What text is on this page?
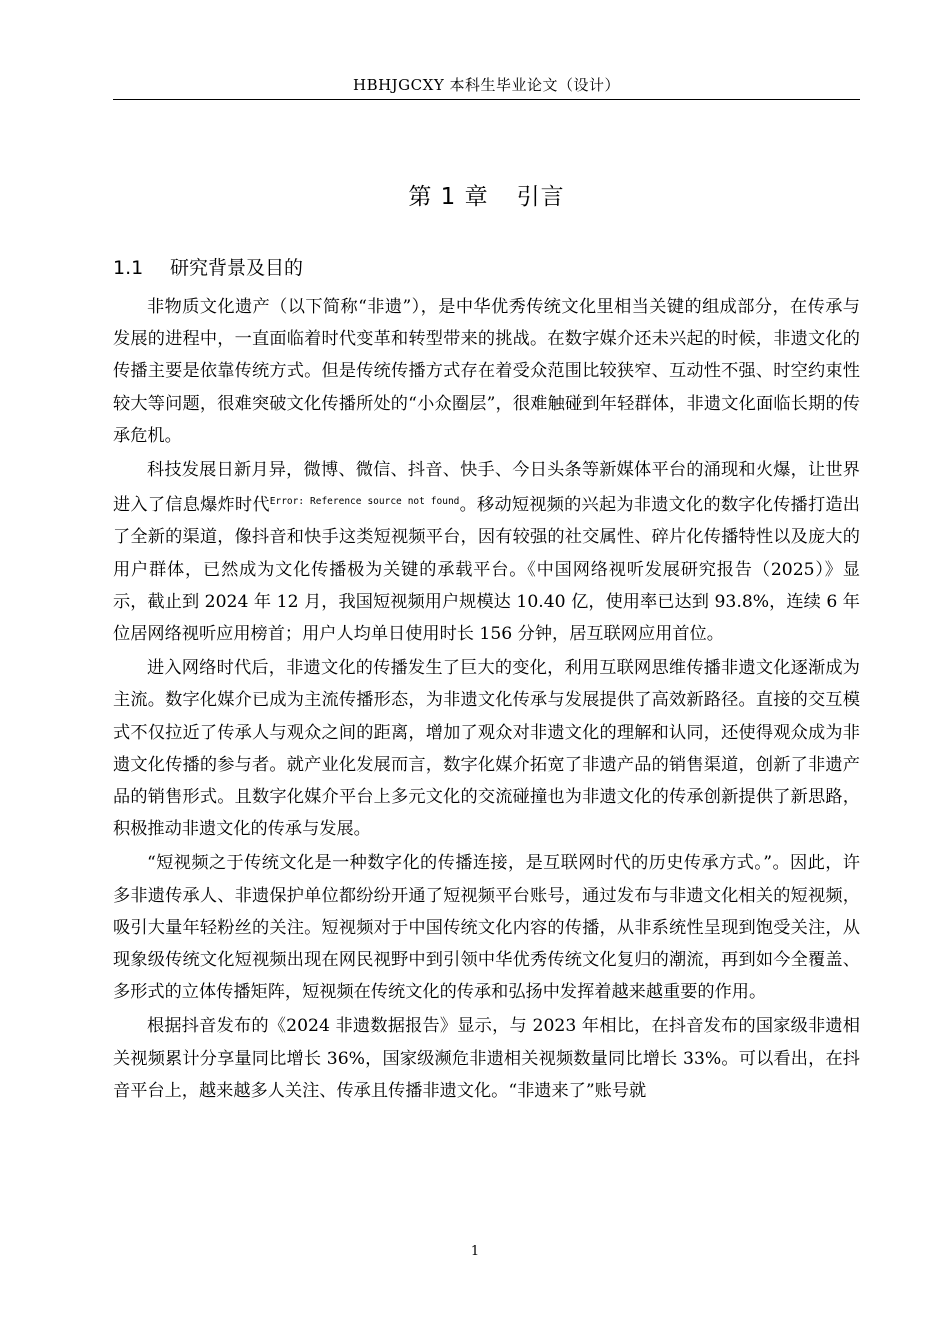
HBHJGCXY 本科生毕业论文（设计）
第 1 章 引言
1.1 研究背景及目的

非物质文化遗产（以下简称“非遗”），是中华优秀传统文化里相当关键的组成部分，在传承与发展的进程中，一直面临着时代变革和转型带来的挑战。在数字媒介还未兴起的时候，非遗文化的传播主要是依靠传统方式。但是传统传播方式存在着受众范围比较狭窄、互动性不强、时空约束性较大等问题，很难突破文化传播所处的“小众圈层”，很难触碰到年轻群体，非遗文化面临长期的传承危机。

科技发展日新月异，微博、微信、抖音、快手、今日头条等新媒体平台的涌现和火爆，让世界进入了信息爆炸时代$^{Error: Reference source not found}$。移动短视频的兴起为非遗文化的数字化传播打造出了全新的渠道，像抖音和快手这类短视频平台，因有较强的社交属性、碎片化传播特性以及庞大的用户群体，已然成为文化传播极为关键的承载平台。《中国网络视听发展研究报告（2025）》显示，截止到 2024 年 12 月，我国短视频用户规模达 10.40 亿，使用率已达到 93.8%，连续 6 年位居网络视听应用榜首；用户人均单日使用时长 156 分钟，居互联网应用首位。

进入网络时代后，非遗文化的传播发生了巨大的变化，利用互联网思维传播非遗文化逐渐成为主流。数字化媒介已成为主流传播形态，为非遗文化传承与发展提供了高效新路径。直接的交互模式不仅拉近了传承人与观众之间的距离，增加了观众对非遗文化的理解和认同，还使得观众成为非遗文化传播的参与者。就产业化发展而言，数字化媒介拓宽了非遗产品的销售渠道，创新了非遗产品的销售形式。且数字化媒介平台上多元文化的交流碰撞也为非遗文化的传承创新提供了新思路，积极推动非遗文化的传承与发展。

“短视频之于传统文化是一种数字化的传播连接，是互联网时代的历史传承方式。”。因此，许多非遗传承人、非遗保护单位都纷纷开通了短视频平台账号，通过发布与非遗文化相关的短视频，吸引大量年轻粉丝的关注。短视频对于中国传统文化内容的传播，从非系统性呈现到饱受关注，从现象级传统文化短视频出现在网民视野中到引领中华优秀传统文化复归的潮流，再到如今全覆盖、多形式的立体传播矩阵，短视频在传统文化的传承和弘扬中发挥着越来越重要的作用。

根据抖音发布的《2024 非遗数据报告》显示，与 2023 年相比，在抖音发布的国家级非遗相关视频累计分享量同比增长 36%，国家级濒危非遗相关视频数量同比增长 33%。可以看出，在抖音平台上，越来越多人关注、传承且传播非遗文化。“非遗来了”账号就

1
